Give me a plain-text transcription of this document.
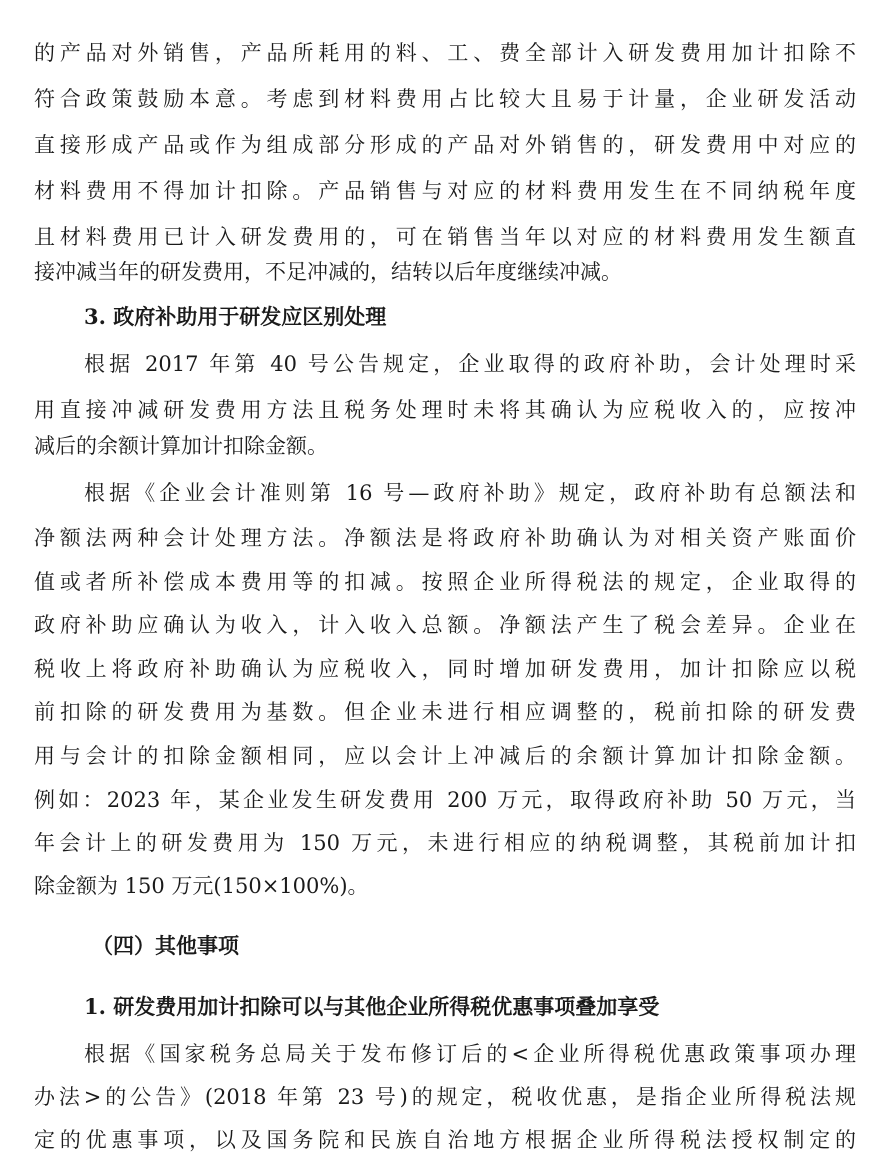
的产品对外销售，产品所耗用的料、工、费全部计入研发费用加计扣除不
符合政策鼓励本意。考虑到材料费用占比较大且易于计量，企业研发活动
直接形成产品或作为组成部分形成的产品对外销售的，研发费用中对应的
材料费用不得加计扣除。产品销售与对应的材料费用发生在不同纳税年度
且材料费用已计入研发费用的，可在销售当年以对应的材料费用发生额直
接冲减当年的研发费用，不足冲减的，结转以后年度继续冲减。
3. 政府补助用于研发应区别处理
根据 2017 年第 40 号公告规定，企业取得的政府补助，会计处理时采
用直接冲减研发费用方法且税务处理时未将其确认为应税收入的，应按冲
减后的余额计算加计扣除金额。
根据《企业会计准则第 16 号—政府补助》规定，政府补助有总额法和
净额法两种会计处理方法。净额法是将政府补助确认为对相关资产账面价
值或者所补偿成本费用等的扣减。按照企业所得税法的规定，企业取得的
政府补助应确认为收入，计入收入总额。净额法产生了税会差异。企业在
税收上将政府补助确认为应税收入，同时增加研发费用，加计扣除应以税
前扣除的研发费用为基数。但企业未进行相应调整的，税前扣除的研发费
用与会计的扣除金额相同，应以会计上冲减后的余额计算加计扣除金额。
例如：2023 年，某企业发生研发费用 200 万元，取得政府补助 50 万元，当
年会计上的研发费用为 150 万元，未进行相应的纳税调整，其税前加计扣
除金额为 150 万元(150×100%)。
（四）其他事项
1. 研发费用加计扣除可以与其他企业所得税优惠事项叠加享受
根据《国家税务总局关于发布修订后的<企业所得税优惠政策事项办理
办法>的公告》(2018 年第 23 号)的规定，税收优惠，是指企业所得税法规
定的优惠事项，以及国务院和民族自治地方根据企业所得税法授权制定的
